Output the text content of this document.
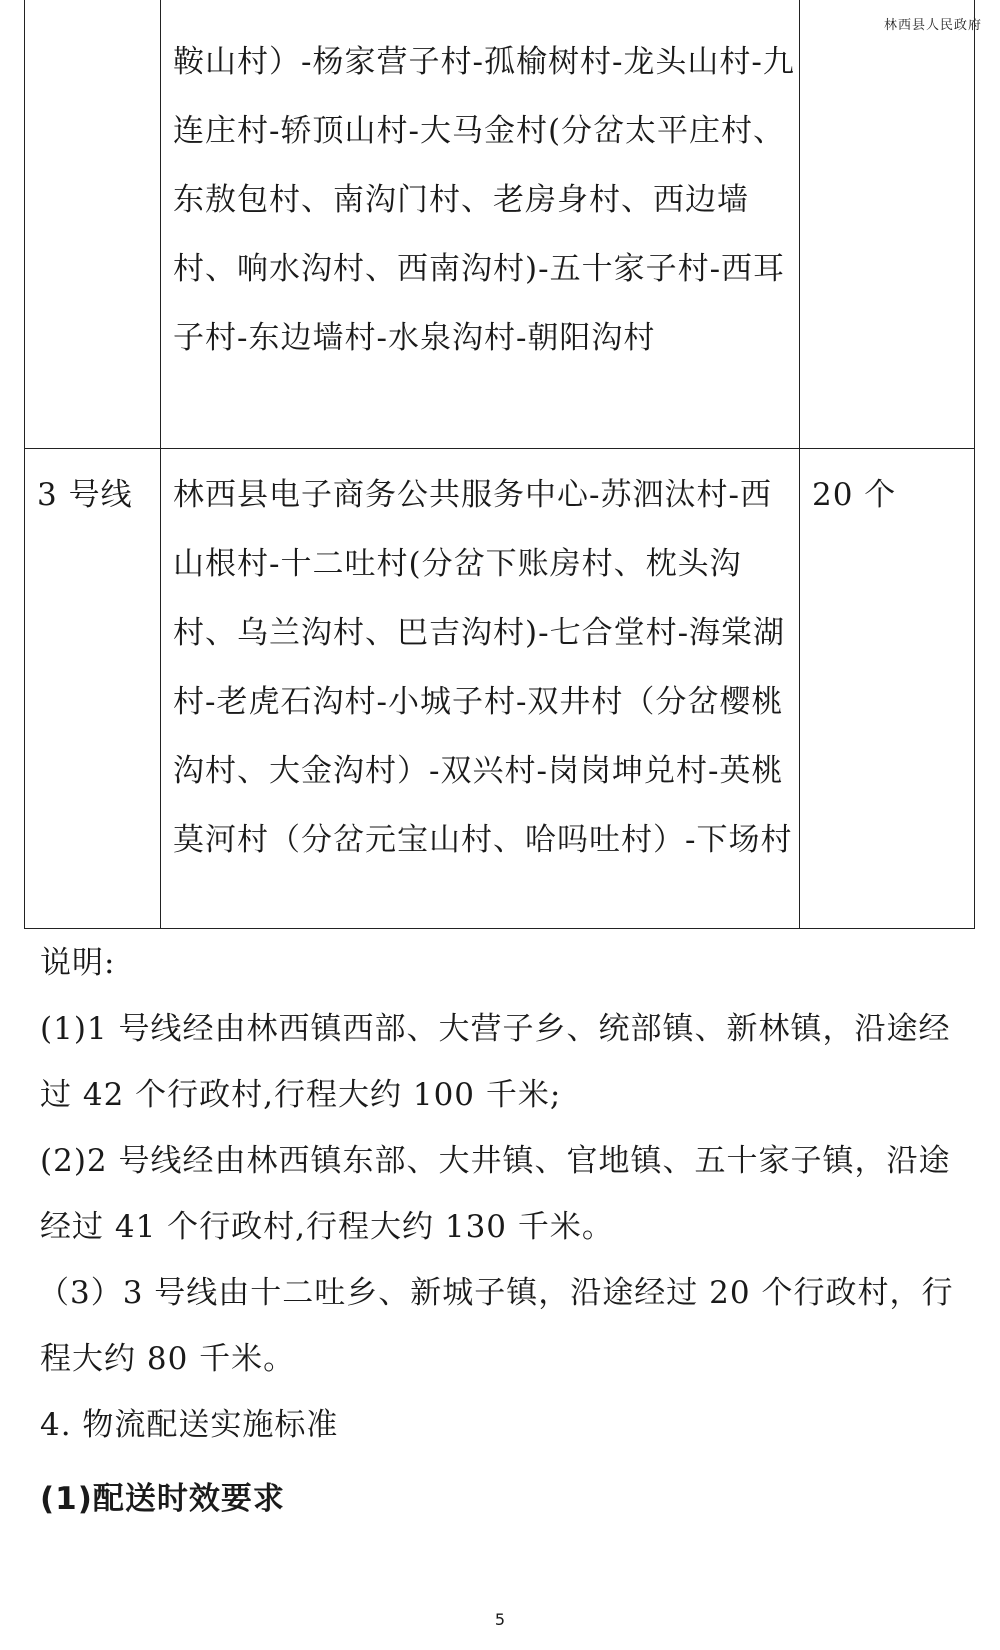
林西县人民政府

	鞍山村）-杨家营子村-孤榆树村-龙头山村-九连庄村-轿顶山村-大马金村(分岔太平庄村、东敖包村、南沟门村、老房身村、西边墙村、响水沟村、西南沟村)-五十家子村-西耳子村-东边墙村-水泉沟村-朝阳沟村	

3 号线	林西县电子商务公共服务中心-苏泗汰村-西山根村-十二吐村(分岔下账房村、枕头沟村、乌兰沟村、巴吉沟村)-七合堂村-海棠湖村-老虎石沟村-小城子村-双井村（分岔樱桃沟村、大金沟村）-双兴村-岗岗坤兑村-英桃莫河村（分岔元宝山村、哈吗吐村）-下场村	20 个

说明:

(1)1 号线经由林西镇西部、大营子乡、统部镇、新林镇，沿途经过 42 个行政村,行程大约 100 千米;

(2)2 号线经由林西镇东部、大井镇、官地镇、五十家子镇，沿途经过 41 个行政村,行程大约 130 千米。

（3）3 号线由十二吐乡、新城子镇，沿途经过 20 个行政村，行程大约 80 千米。

4. 物流配送实施标准

(1)配送时效要求

5
